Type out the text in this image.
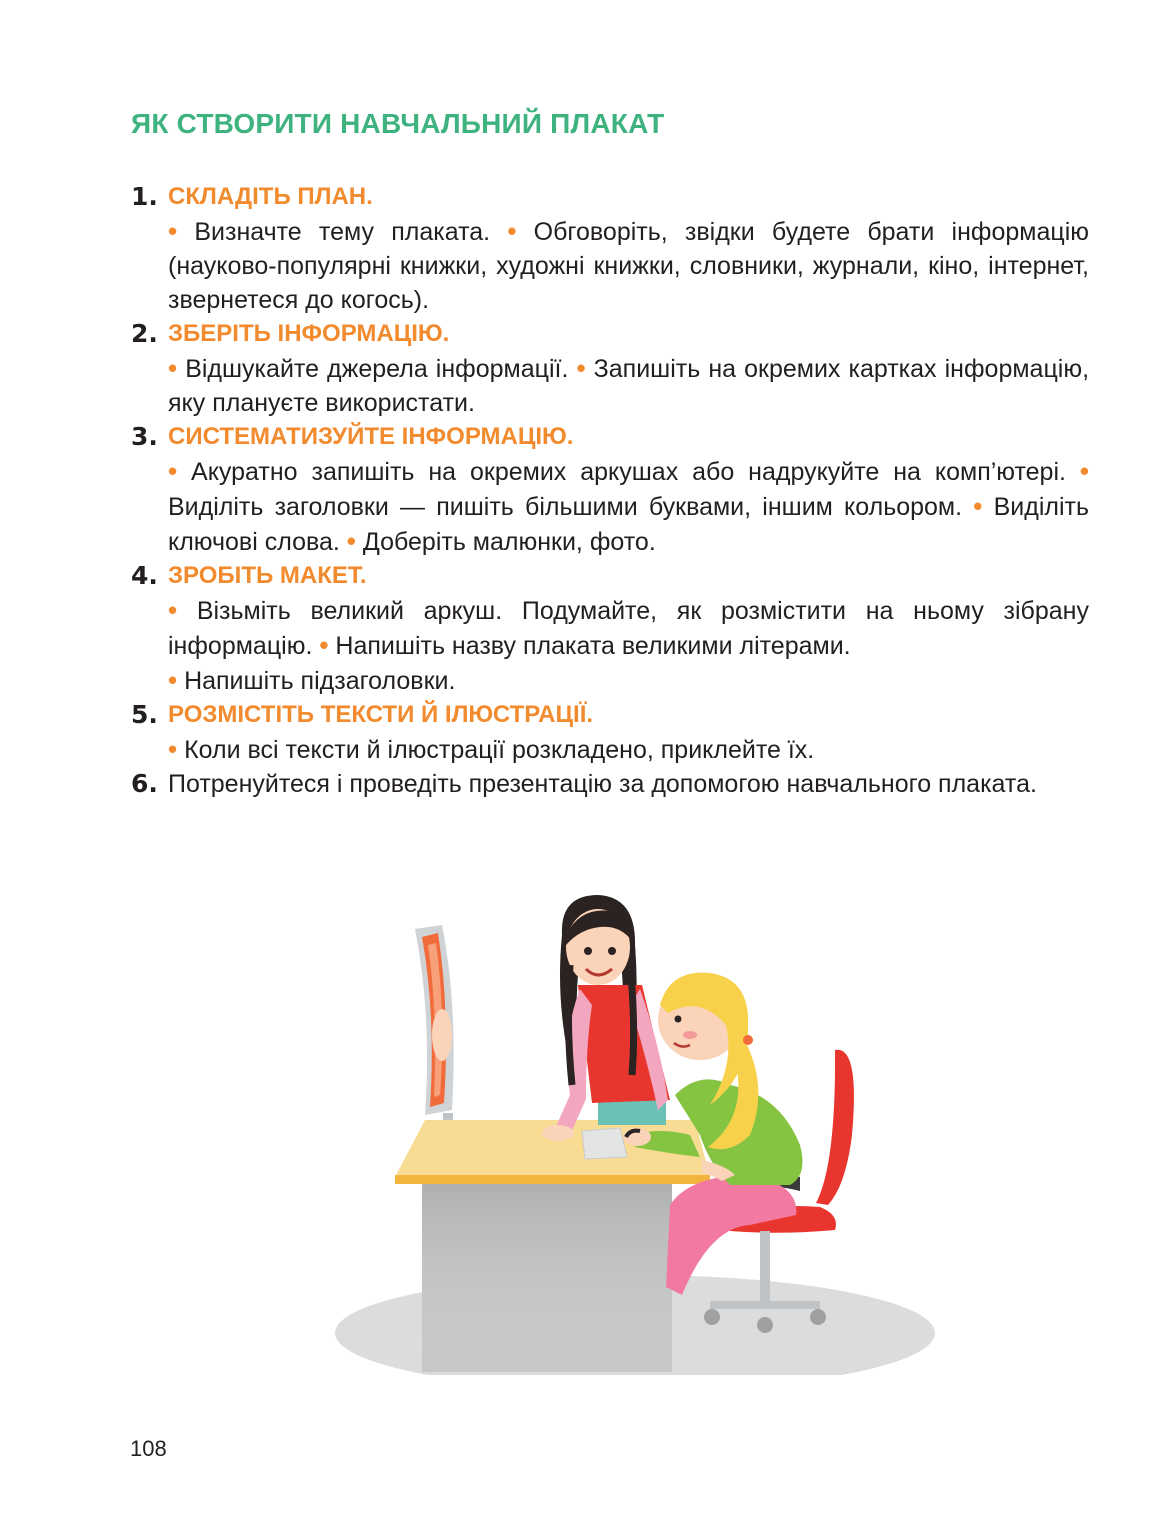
ЯК СТВОРИТИ НАВЧАЛЬНИЙ ПЛАКАТ
1. СКЛАДІТЬ ПЛАН.
• Визначте тему плаката. • Обговоріть, звідки будете брати інформацію (науково-популярні книжки, художні книжки, словники, журнали, кіно, інтернет, звернетеся до когось).
2. ЗБЕРІТЬ ІНФОРМАЦІЮ.
• Відшукайте джерела інформації. • Запишіть на окремих картках інформацію, яку плануєте використати.
3. СИСТЕМАТИЗУЙТЕ ІНФОРМАЦІЮ.
• Акуратно запишіть на окремих аркушах або надрукуйте на комп’ютері. • Виділіть заголовки — пишіть більшими буквами, іншим кольором. • Виділіть ключові слова. • Доберіть малюнки, фото.
4. ЗРОБІТЬ МАКЕТ.
• Візьміть великий аркуш. Подумайте, як розмістити на ньому зібрану інформацію. • Напишіть назву плаката великими літерами.
• Напишіть підзаголовки.
5. РОЗМІСТІТЬ ТЕКСТИ Й ІЛЮСТРАЦІЇ.
• Коли всі тексти й ілюстрації розкладено, приклейте їх.
6. Потренуйтеся і проведіть презентацію за допомогою навчального плаката.
108
